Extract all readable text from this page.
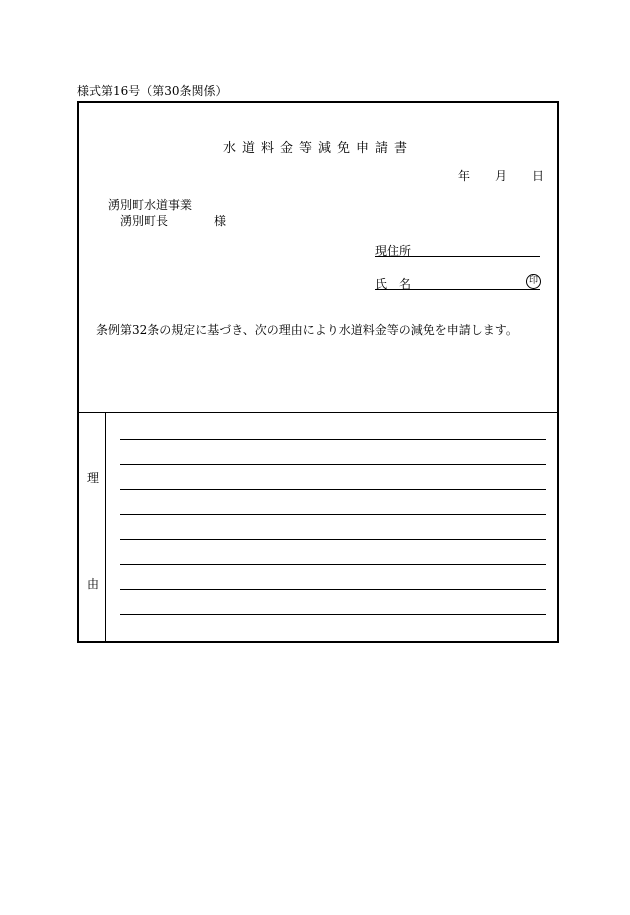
様式第16号（第30条関係）
水道料金等減免申請書
年 月 日
湧別町水道事業
湧別町長	様
現住所
氏　名	印
条例第32条の規定に基づき、次の理由により水道料金等の減免を申請します。
理
由
